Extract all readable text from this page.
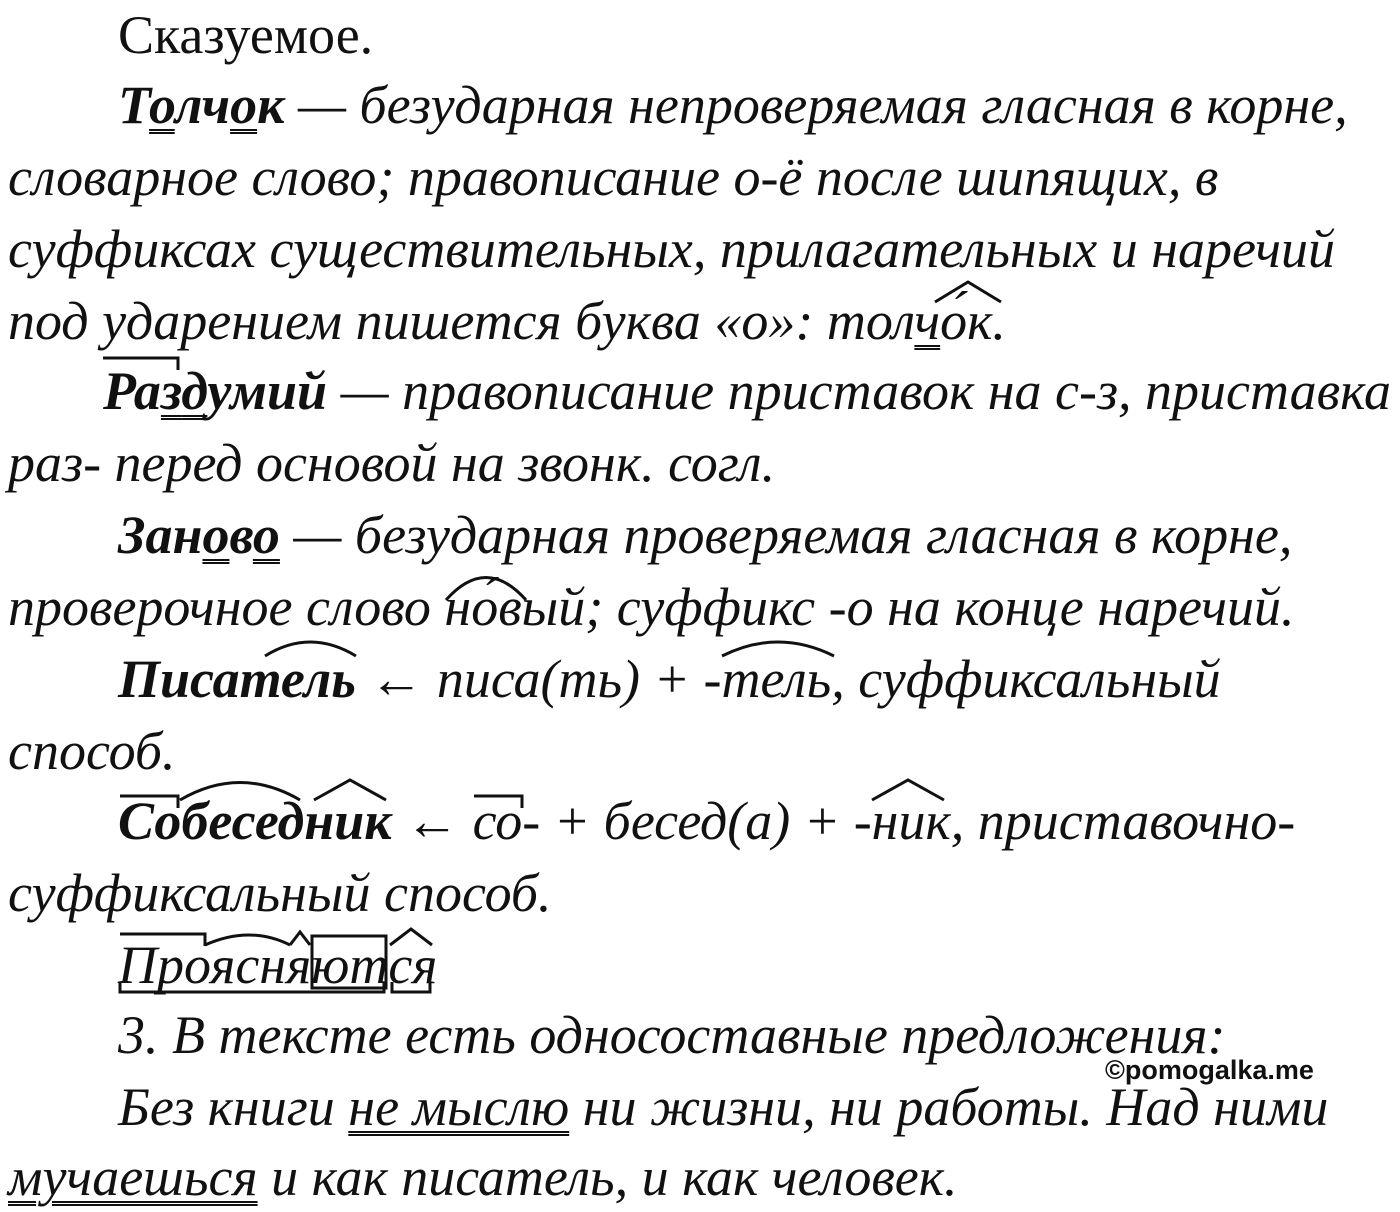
Сказуемое.
Толчок — безударная непроверяемая гласная в корне,
словарное слово; правописание о-ё после шипящих, в
суффиксах существительных, прилагательных и наречий
под ударением пишется буква «о»: толчо́к.
Раздумий — правописание приставок на с-з, приставка
раз- перед основой на звонк. согл.
Заново — безударная проверяемая гласная в корне,
проверочное слово но́вый; суффикс -о на конце наречий.
Писатель ← писа(ть) + -тель, суффиксальный
способ.
Собеседник ← со- + бесед(а) + -ник, приставочно-
суффиксальный способ.
Проясняются
3. В тексте есть односоставные предложения:
Без книги не мыслю ни жизни, ни работы. Над ними
мучаешься и как писатель, и как человек.
©pomogalka.me
